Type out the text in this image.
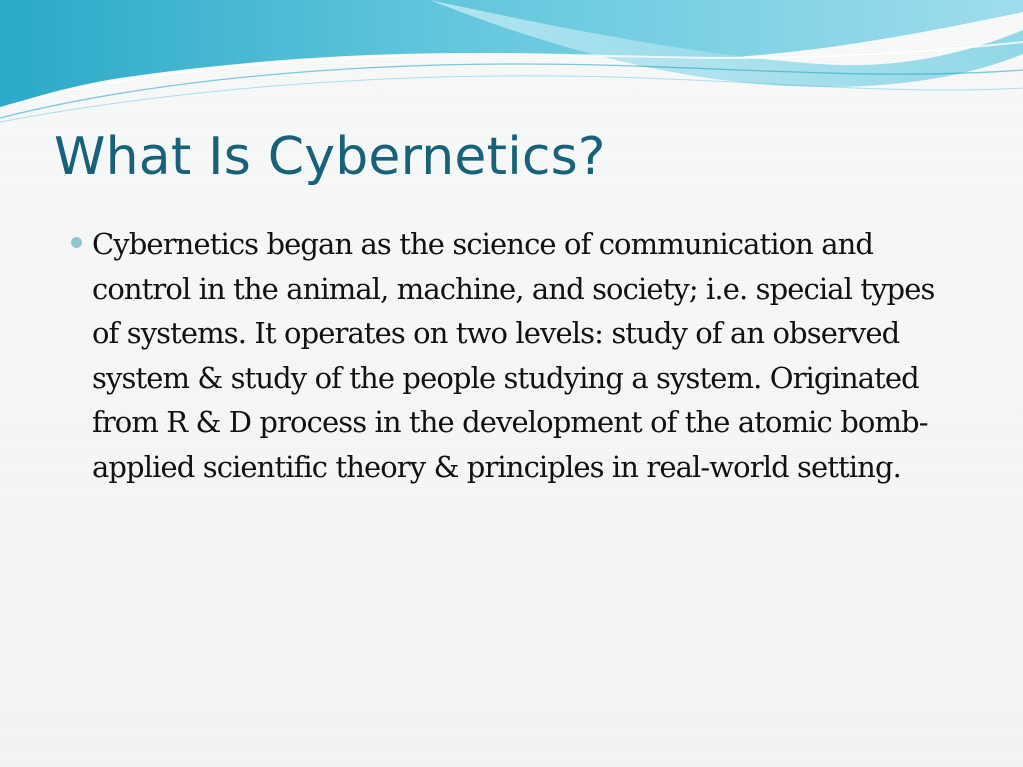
What Is Cybernetics?
Cybernetics began as the science of communication and control in the animal, machine, and society; i.e. special types of systems. It operates on two levels: study of an observed system & study of the people studying a system. Originated from R & D process in the development of the atomic bomb- applied scientific theory & principles in real-world setting.
